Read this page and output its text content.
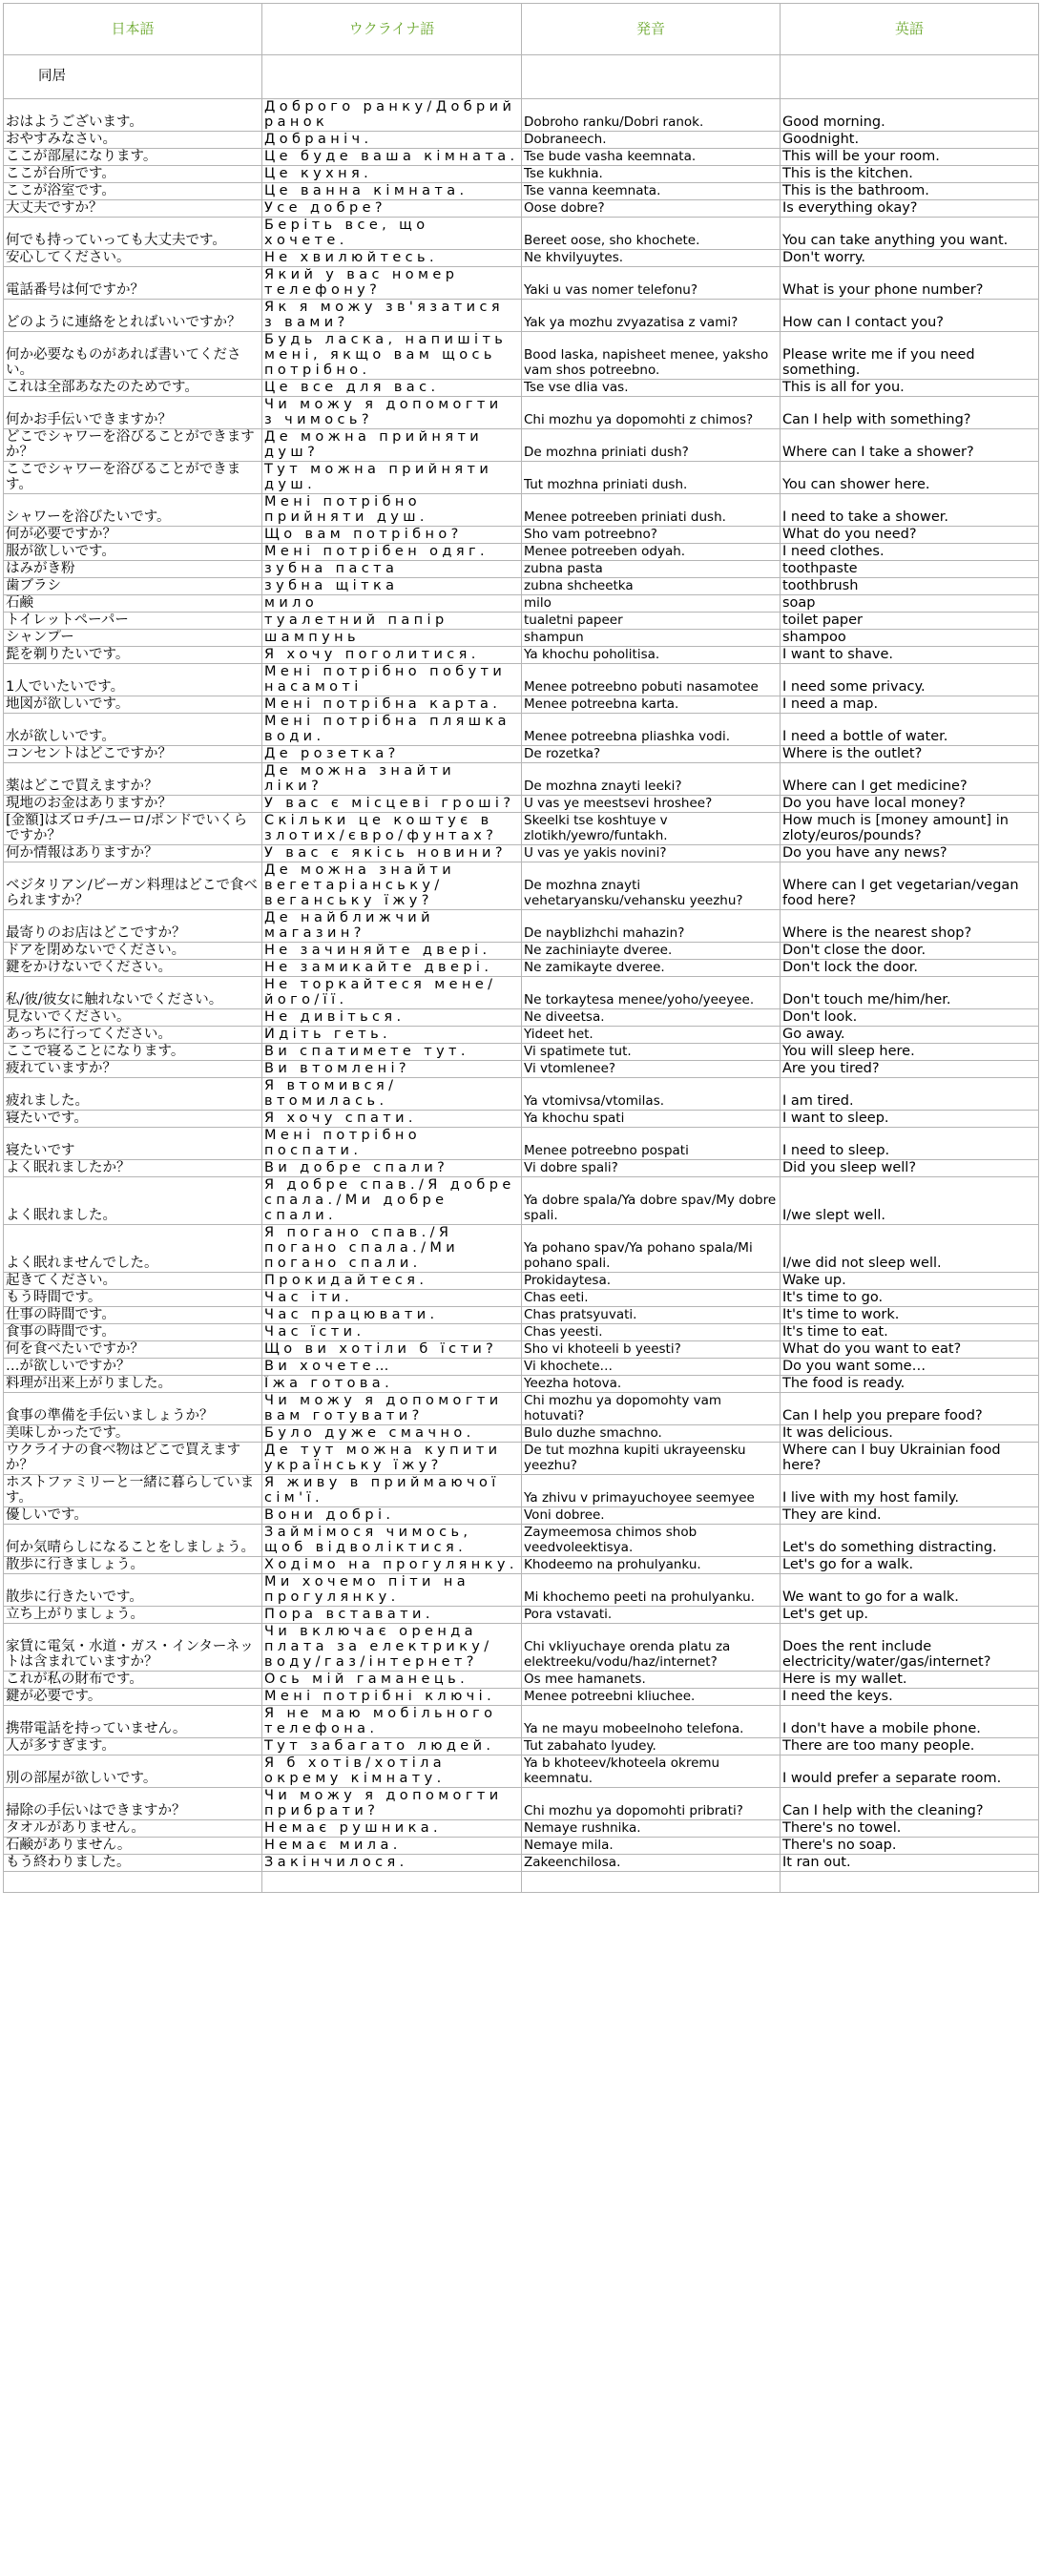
日本語	ウクライナ語	発音	英語
同居			
おはようございます。	Доброго ранку/Добрий ранок	Dobroho ranku/Dobri ranok.	Good morning.
おやすみなさい。	Добраніч.	Dobraneech.	Goodnight.
ここが部屋になります。	Це буде ваша кімната.	Tse bude vasha keemnata.	This will be your room.
ここが台所です。	Це кухня.	Tse kukhnia.	This is the kitchen.
ここが浴室です。	Це ванна кімната.	Tse vanna keemnata.	This is the bathroom.
大丈夫ですか？	Усе добре?	Oose dobre?	Is everything okay?
何でも持っていっても大丈夫です。	Беріть все, що хочете.	Bereet oose, sho khochete.	You can take anything you want.
安心してください。	Не хвилюйтесь.	Ne khvilyuytes.	Don't worry.
電話番号は何ですか？	Який у вас номер телефону?	Yaki u vas nomer telefonu?	What is your phone number?
どのように連絡をとればいいですか？	Як я можу зв'язатися з вами?	Yak ya mozhu zvyazatisa z vami?	How can I contact you?
何か必要なものがあれば書いてください。	Будь ласка, напишіть мені, якщо вам щось потрібно.	Bood laska, napisheet menee, yaksho vam shos potreebno.	Please write me if you need something.
これは全部あなたのためです。	Це все для вас.	Tse vse dlia vas.	This is all for you.
何かお手伝いできますか？	Чи можу я допомогти з чимось?	Chi mozhu ya dopomohti z chimos?	Can I help with something?
どこでシャワーを浴びることができますか？	Де можна прийняти душ?	De mozhna priniati dush?	Where can I take a shower?
ここでシャワーを浴びることができます。	Тут можна прийняти душ.	Tut mozhna priniati dush.	You can shower here.
シャワーを浴びたいです。	Мені потрібно прийняти душ.	Menee potreeben priniati dush.	I need to take a shower.
何が必要ですか？	Що вам потрібно?	Sho vam potreebno?	What do you need?
服が欲しいです。	Мені потрібен одяг.	Menee potreeben odyah.	I need clothes.
はみがき粉	зубна паста	zubna pasta	toothpaste
歯ブラシ	зубна щітка	zubna shcheetka	toothbrush
石鹸	мило	milo	soap
トイレットペーパー	туалетний папір	tualetni papeer	toilet paper
シャンプー	шампунь	shampun	shampoo
髭を剃りたいです。	Я хочу поголитися.	Ya khochu poholitisa.	I want to shave.
1人でいたいです。	Мені потрібно побути насамоті	Menee potreebno pobuti nasamotee	I need some privacy.
地図が欲しいです。	Мені потрібна карта.	Menee potreebna karta.	I need a map.
水が欲しいです。	Мені потрібна пляшка води.	Menee potreebna pliashka vodi.	I need a bottle of water.
コンセントはどこですか？	Де розетка?	De rozetka?	Where is the outlet?
薬はどこで買えますか？	Де можна знайти ліки?	De mozhna znayti leeki?	Where can I get medicine?
現地のお金はありますか？	У вас є місцеві гроші?	U vas ye meestsevi hroshee?	Do you have local money?
[金額]はズロチ/ユーロ/ポンドでいくらですか？	Скільки це коштує в злотих/євро/фунтах?	Skeelki tse koshtuye v zlotikh/yewro/funtakh.	How much is [money amount] in zloty/euros/pounds?
何か情報はありますか？	У вас є якісь новини?	U vas ye yakis novini?	Do you have any news?
ベジタリアン/ビーガン料理はどこで食べられますか？	Де можна знайти вегетаріанську/веганську їжу?	De mozhna znayti vehetaryansku/vehansku yeezhu?	Where can I get vegetarian/vegan food here?
最寄りのお店はどこですか？	Де найближчий магазин?	De nayblizhchi mahazin?	Where is the nearest shop?
ドアを閉めないでください。	Не зачиняйте двері.	Ne zachiniayte dveree.	Don't close the door.
鍵をかけないでください。	Не замикайте двері.	Ne zamikayte dveree.	Don't lock the door.
私/彼/彼女に触れないでください。	Не торкайтеся мене/його/її.	Ne torkaytesa menee/yoho/yeeyee.	Don't touch me/him/her.
見ないでください。	Не дивіться.	Ne diveetsa.	Don't look.
あっちに行ってください。	Йдіть геть.	Yideet het.	Go away.
ここで寝ることになります。	Ви спатимете тут.	Vi spatimete tut.	You will sleep here.
疲れていますか？	Ви втомлені?	Vi vtomlenee?	Are you tired?
疲れました。	Я втомився/втомилась.	Ya vtomivsa/vtomilas.	I am tired.
寝たいです。	Я хочу спати.	Ya khochu spati	I want to sleep.
寝たいです	Мені потрібно поспати.	Menee potreebno pospati	I need to sleep.
よく眠れましたか？	Ви добре спали?	Vi dobre spali?	Did you sleep well?
よく眠れました。	Я добре спав./Я добре спала./Ми добре спали.	Ya dobre spala/Ya dobre spav/My dobre spali.	I/we slept well.
よく眠れませんでした。	Я погано спав./Я погано спала./Ми погано спали.	Ya pohano spav/Ya pohano spala/Mi pohano spali.	I/we did not sleep well.
起きてください。	Прокидайтеся.	Prokidaytesa.	Wake up.
もう時間です。	Час іти.	Chas eeti.	It's time to go.
仕事の時間です。	Час працювати.	Chas pratsyuvati.	It's time to work.
食事の時間です。	Час їсти.	Chas yeesti.	It's time to eat.
何を食べたいですか？	Що ви хотіли б їсти?	Sho vi khoteeli b yeesti?	What do you want to eat?
…が欲しいですか？	Ви хочете…	Vi khochete…	Do you want some…
料理が出来上がりました。	Їжа готова.	Yeezha hotova.	The food is ready.
食事の準備を手伝いましょうか？	Чи можу я допомогти вам готувати?	Chi mozhu ya dopomohty vam hotuvati?	Can I help you prepare food?
美味しかったです。	Було дуже смачно.	Bulo duzhe smachno.	It was delicious.
ウクライナの食べ物はどこで買えますか？	Де тут можна купити українську їжу?	De tut mozhna kupiti ukrayeensku yeezhu?	Where can I buy Ukrainian food here?
ホストファミリーと一緒に暮らしています。	Я живу в приймаючої сім'ї.	Ya zhivu v primayuchoyee seemyee	I live with my host family.
優しいです。	Вони добрі.	Voni dobree.	They are kind.
何か気晴らしになることをしましょう。	Займімося чимось, щоб відволіктися.	Zaymeemosa chimos shob veedvoleektisya.	Let's do something distracting.
散歩に行きましょう。	Ходімо на прогулянку.	Khodeemo na prohulyanku.	Let's go for a walk.
散歩に行きたいです。	Ми хочемо піти на прогулянку.	Mi khochemo peeti na prohulyanku.	We want to go for a walk.
立ち上がりましょう。	Пора вставати.	Pora vstavati.	Let's get up.
家賃に電気・水道・ガス・インターネットは含まれていますか？	Чи включає оренда плата за електрику/воду/газ/інтернет?	Chi vkliyuchaye orenda platu za elektreeku/vodu/haz/internet?	Does the rent include electricity/water/gas/internet?
これが私の財布です。	Ось мій гаманець.	Os mee hamanets.	Here is my wallet.
鍵が必要です。	Мені потрібні ключі.	Menee potreebni kliuchee.	I need the keys.
携帯電話を持っていません。	Я не маю мобільного телефона.	Ya ne mayu mobeelnoho telefona.	I don't have a mobile phone.
人が多すぎます。	Тут забагато людей.	Tut zabahato lyudey.	There are too many people.
別の部屋が欲しいです。	Я б хотів/хотіла окрему кімнату.	Ya b khoteev/khoteela okremu keemnatu.	I would prefer a separate room.
掃除の手伝いはできますか？	Чи можу я допомогти прибрати?	Chi mozhu ya dopomohti pribrati?	Can I help with the cleaning?
タオルがありません。	Немає рушника.	Nemaye rushnika.	There's no towel.
石鹸がありません。	Немає мила.	Nemaye mila.	There's no soap.
もう終わりました。	Закінчилося.	Zakeenchilosa.	It ran out.
